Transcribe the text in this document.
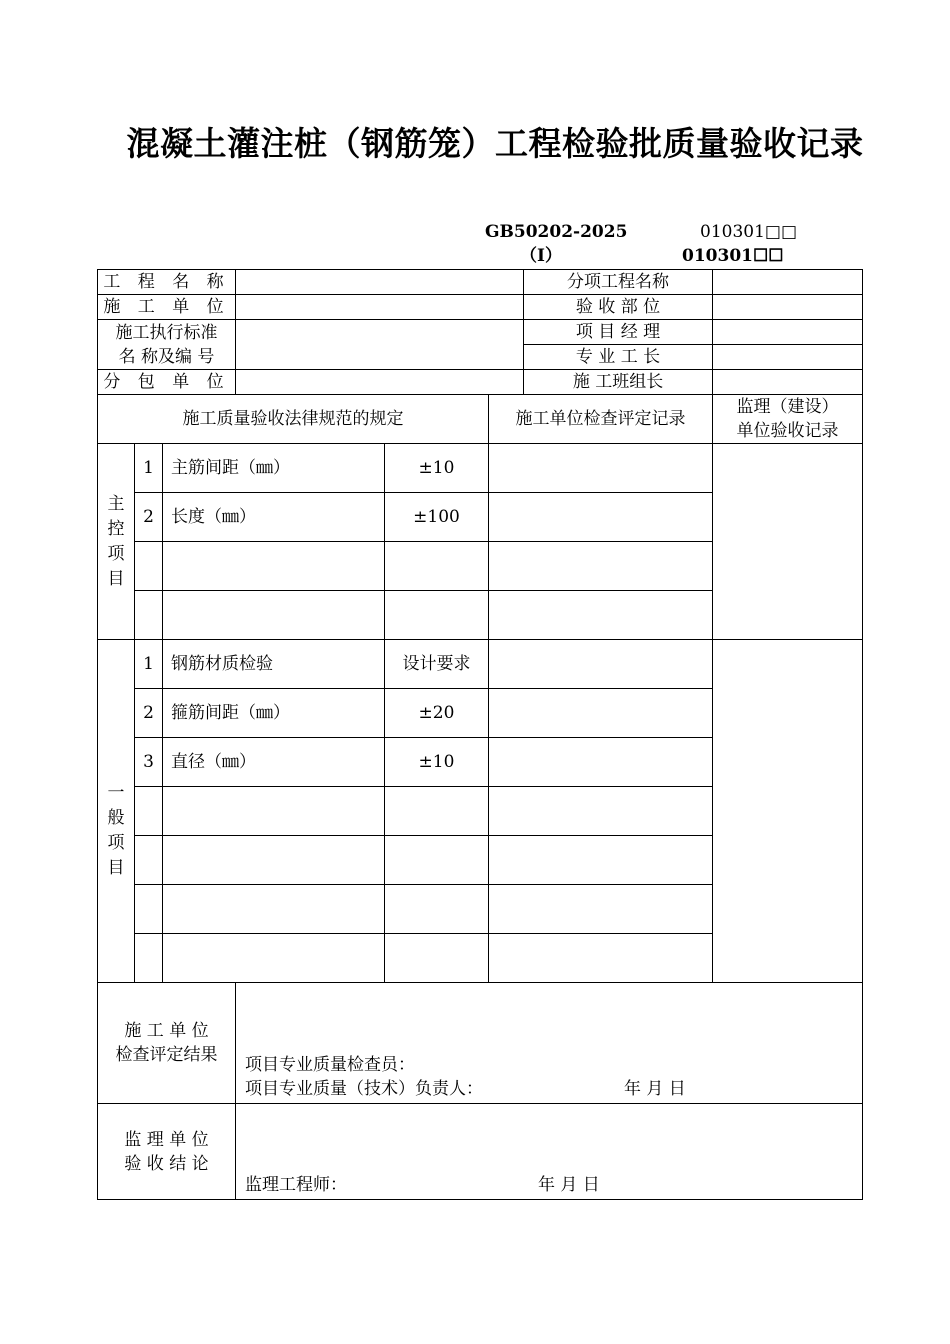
混凝土灌注桩（钢筋笼）工程检验批质量验收记录
GB50202-2025	010301□□
（I）	010301☐☐
工 程 名 称						分项工程名称	
施 工 单 位						验 收 部 位	
施工执行标准
名 称及编 号						项 目 经 理	
						专 业 工 长	
分 包 单 位						施 工班组长	
施工质量验收法律规范的规定					施工单位检查评定记录		监理（建设）
单位验收记录
主控项目	1	主筋间距（㎜）		±10			
	2	长度（㎜）		±100			

一般项目	1	钢筋材质检验		设计要求			
	2	箍筋间距（㎜）		±20			
	3	直径（㎜）		±10			

施 工 单 位
检查评定结果			项目专业质量检查员：
项目专业质量（技术）负责人： 年 月 日				

监 理 单 位
验 收 结 论			监理工程师： 年 月 日				
